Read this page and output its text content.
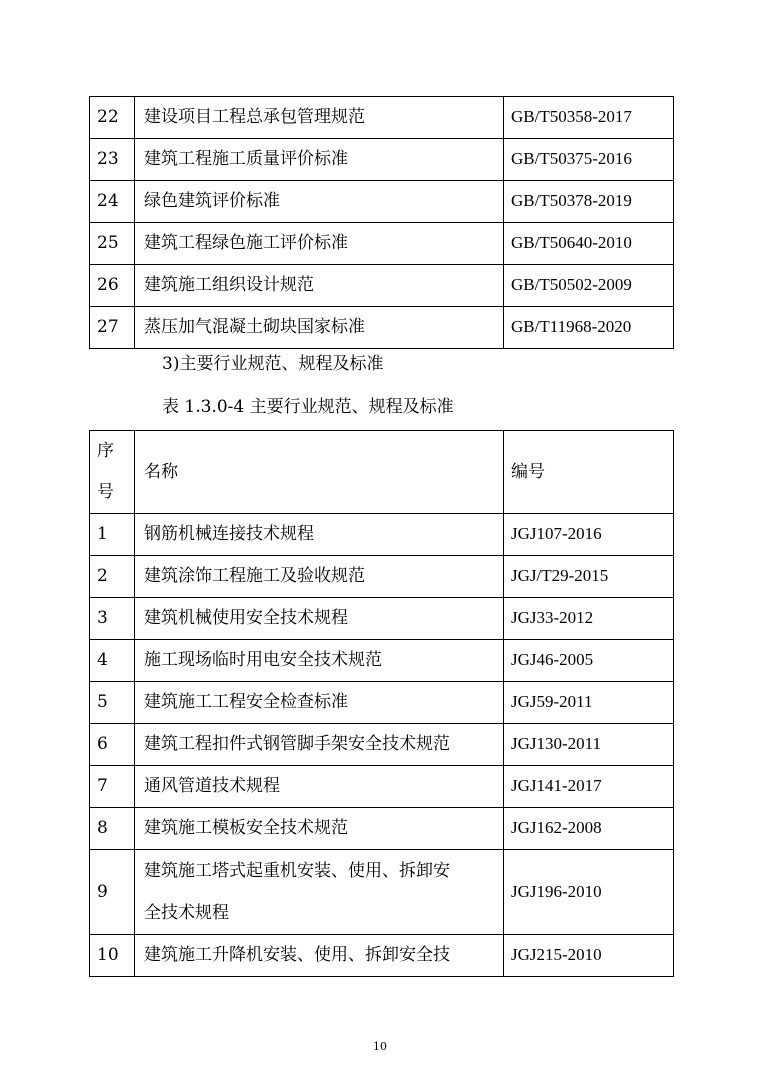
22	建设项目工程总承包管理规范	GB/T50358-2017
23	建筑工程施工质量评价标准	GB/T50375-2016
24	绿色建筑评价标准	GB/T50378-2019
25	建筑工程绿色施工评价标准	GB/T50640-2010
26	建筑施工组织设计规范	GB/T50502-2009
27	蒸压加气混凝土砌块国家标准	GB/T11968-2020
3)主要行业规范、规程及标准
表 1.3.0-4 主要行业规范、规程及标准
序
号	名称	编号
1	钢筋机械连接技术规程	JGJ107-2016
2	建筑涂饰工程施工及验收规范	JGJ/T29-2015
3	建筑机械使用安全技术规程	JGJ33-2012
4	施工现场临时用电安全技术规范	JGJ46-2005
5	建筑施工工程安全检查标准	JGJ59-2011
6	建筑工程扣件式钢管脚手架安全技术规范	JGJ130-2011
7	通风管道技术规程	JGJ141-2017
8	建筑施工模板安全技术规范	JGJ162-2008
9	建筑施工塔式起重机安装、使用、拆卸安
全技术规程	JGJ196-2010
10	建筑施工升降机安装、使用、拆卸安全技	JGJ215-2010
10
